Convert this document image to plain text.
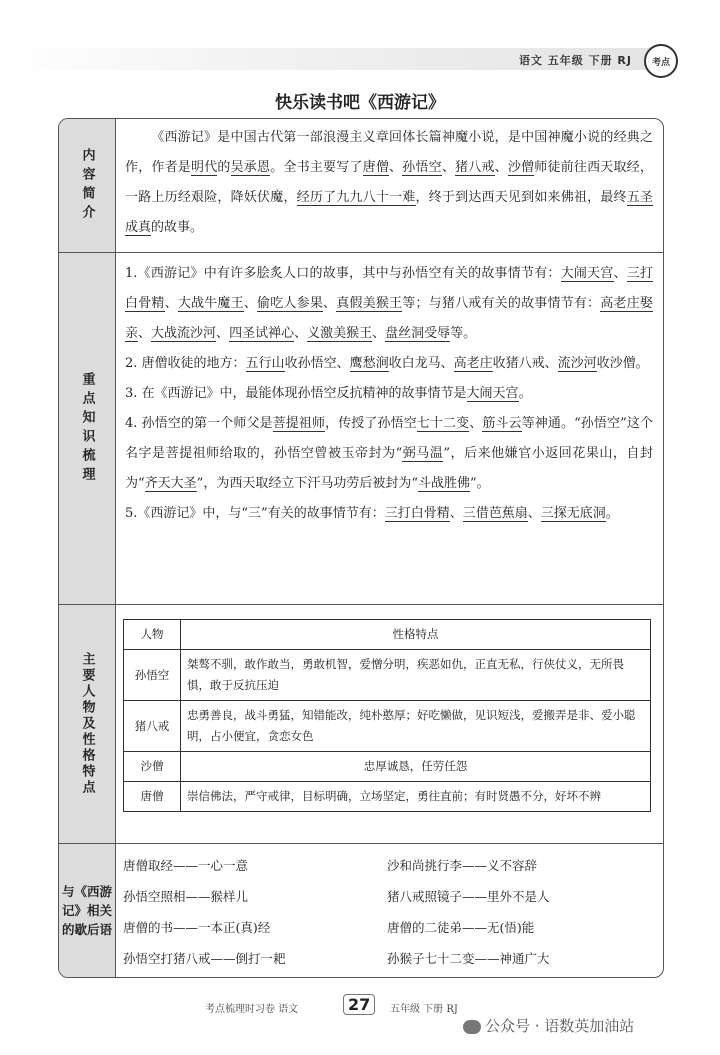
语文 五年级 下册 RJ	考点
快乐读书吧《西游记》
内容简介

《西游记》是中国古代第一部浪漫主义章回体长篇神魔小说，是中国神魔小说的经典之作，作者是明代的吴承恩。全书主要写了唐僧、孙悟空、猪八戒、沙僧师徒前往西天取经，一路上历经艰险，降妖伏魔，经历了九九八十一难，终于到达西天见到如来佛祖，最终五圣成真的故事。

重点知识梳理

1.《西游记》中有许多脍炙人口的故事，其中与孙悟空有关的故事情节有：大闹天宫、三打白骨精、大战牛魔王、偷吃人参果、真假美猴王等；与猪八戒有关的故事情节有：高老庄娶亲、大战流沙河、四圣试禅心、义激美猴王、盘丝洞受辱等。

2. 唐僧收徒的地方：五行山收孙悟空、鹰愁涧收白龙马、高老庄收猪八戒、流沙河收沙僧。

3. 在《西游记》中，最能体现孙悟空反抗精神的故事情节是大闹天宫。

4. 孙悟空的第一个师父是菩提祖师，传授了孙悟空七十二变、筋斗云等神通。“孙悟空”这个名字是菩提祖师给取的，孙悟空曾被玉帝封为“弼马温”，后来他嫌官小返回花果山，自封为“齐天大圣”，为西天取经立下汗马功劳后被封为“斗战胜佛”。

5.《西游记》中，与“三”有关的故事情节有：三打白骨精、三借芭蕉扇、三探无底洞。

主要人物及性格特点
人物	性格特点
孙悟空	桀骜不驯，敢作敢当，勇敢机智，爱憎分明，疾恶如仇，正直无私，行侠仗义，无所畏惧，敢于反抗压迫
猪八戒	忠勇善良，战斗勇猛，知错能改，纯朴憨厚；好吃懒做，见识短浅，爱搬弄是非、爱小聪明，占小便宜，贪恋女色
沙僧	忠厚诚恳，任劳任怨
唐僧	崇信佛法，严守戒律，目标明确，立场坚定，勇往直前；有时贤愚不分，好坏不辨
与《西游记》相关的歇后语
唐僧取经——一心一意	沙和尚挑行李——义不容辞
孙悟空照相——猴样儿	猪八戒照镜子——里外不是人
唐僧的书——一本正(真)经	唐僧的二徒弟——无(悟)能
孙悟空打猪八戒——倒打一耙	孙猴子七十二变——神通广大
考点梳理时习卷 语文	27	五年级 下册 RJ
公众号 · 语数英加油站
